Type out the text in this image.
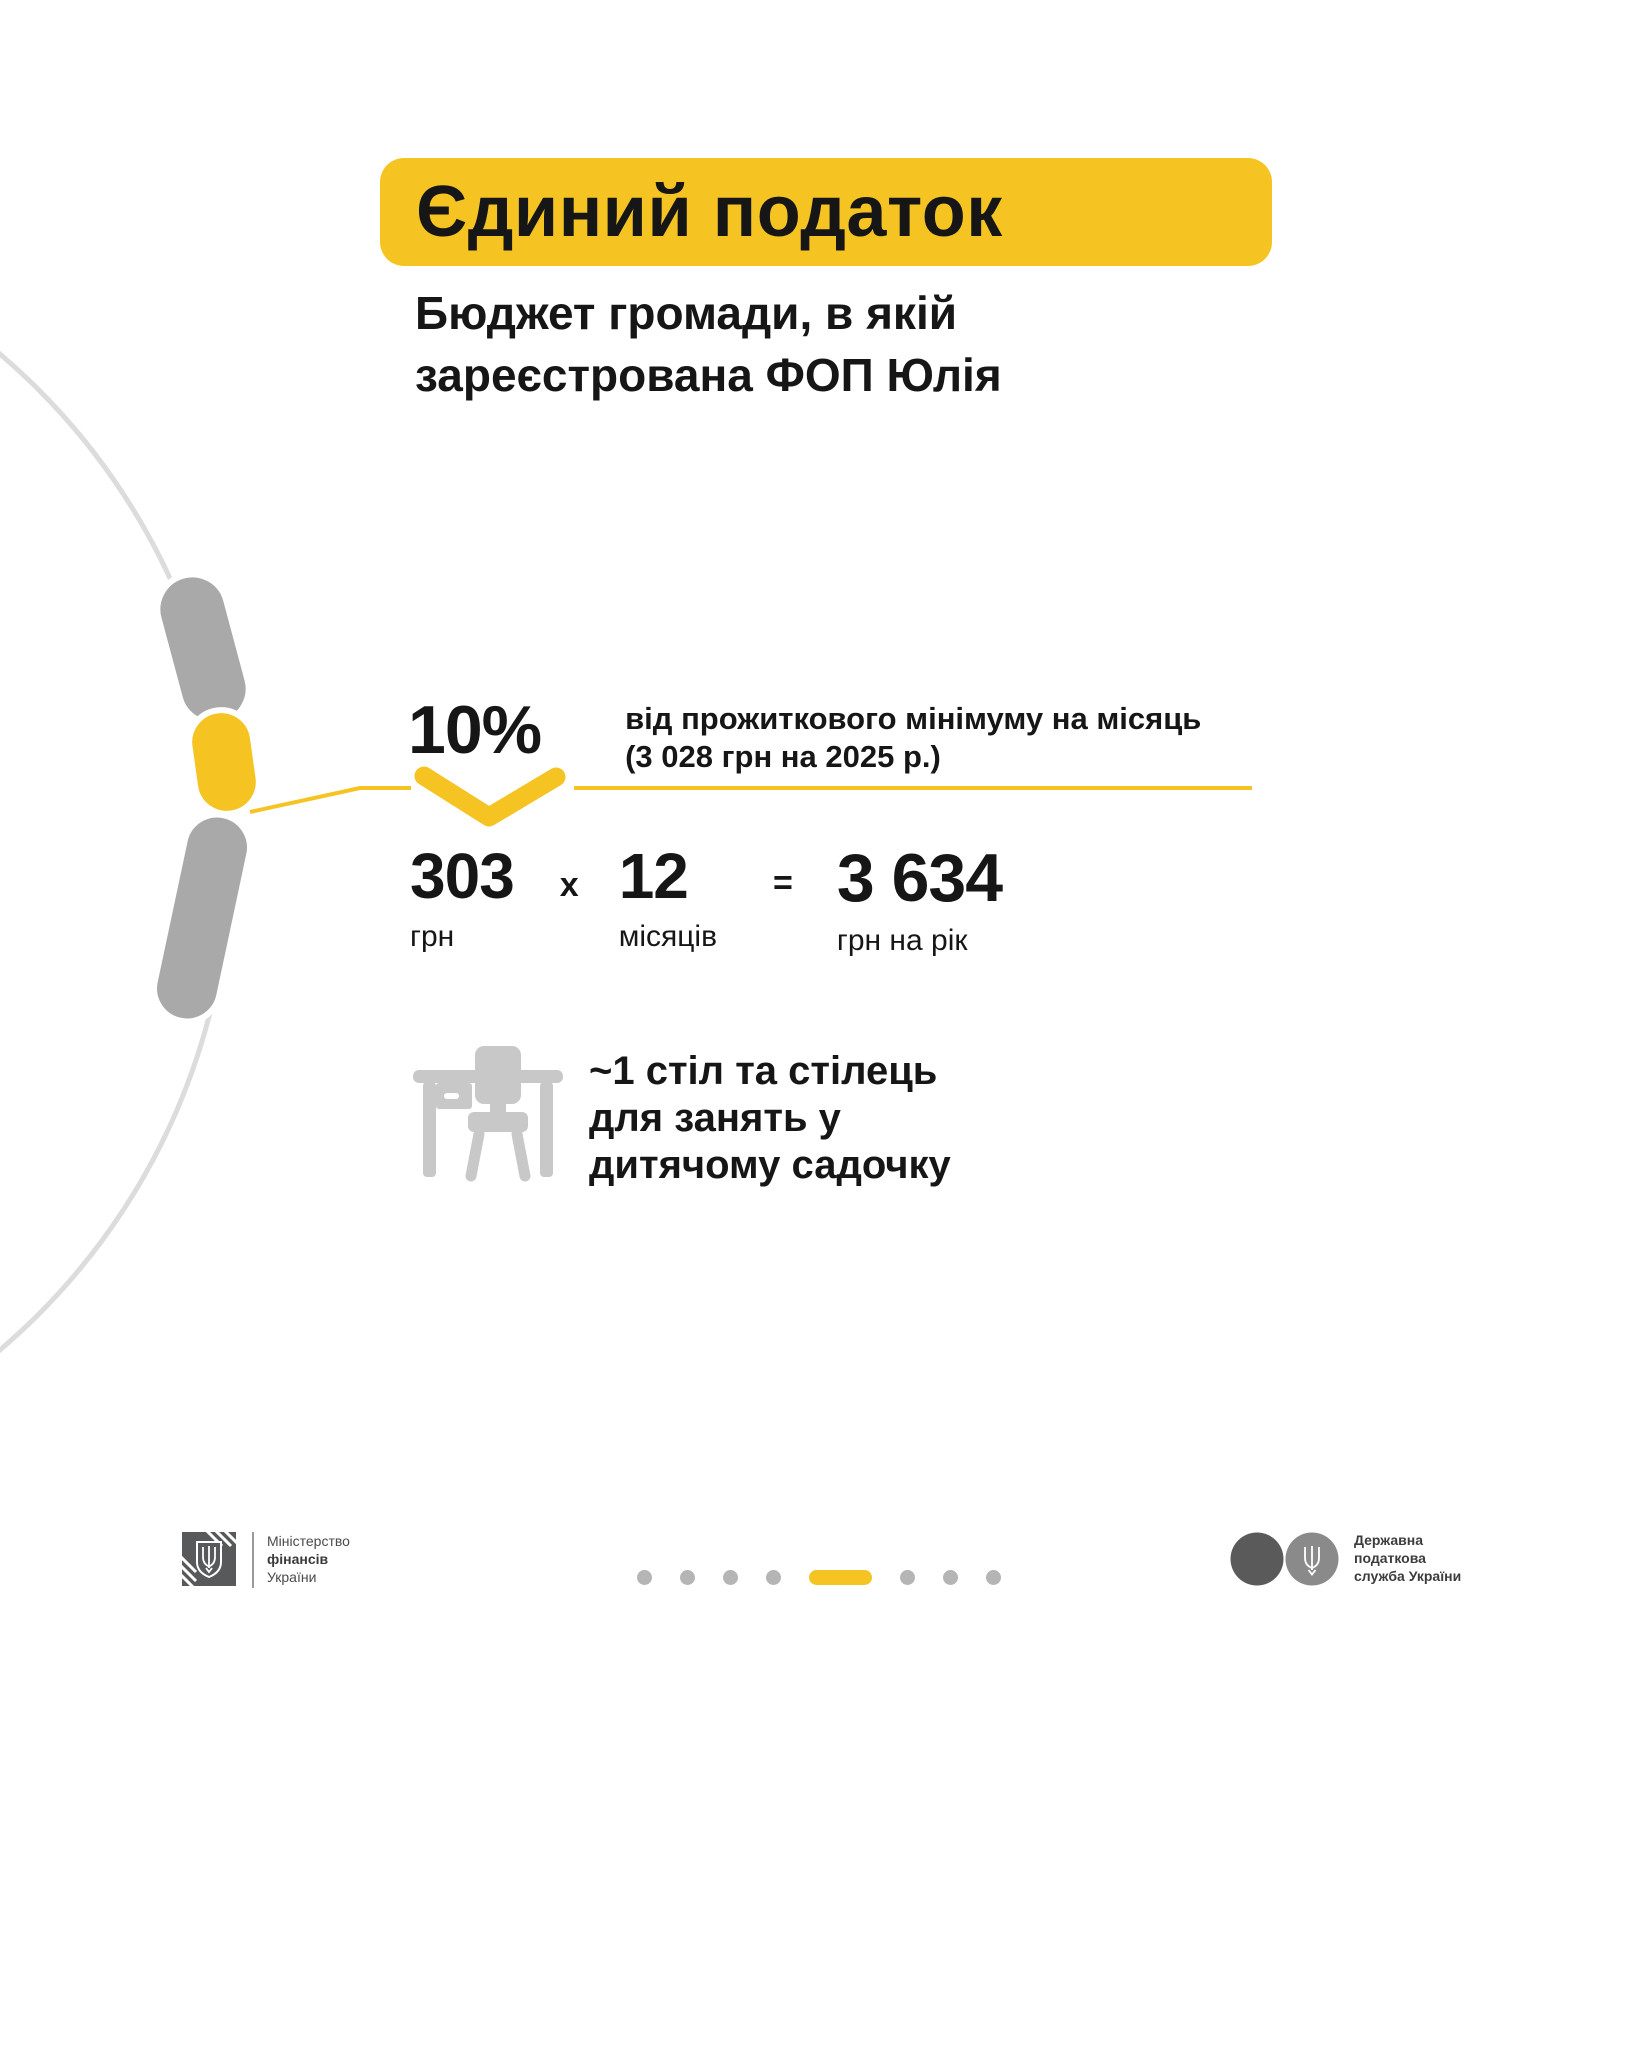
Єдиний податок
Бюджет громади, в якій
зареєстрована ФОП Юлія
10%	від прожиткового мінімуму на місяць
(3 028 грн на 2025 р.)
303
грн
х 12
місяців
= 3 634
грн на рік
~1 стіл та стілець
для занять у
дитячому садочку
Міністерство
фінансів
України
Державна
податкова
служба України
